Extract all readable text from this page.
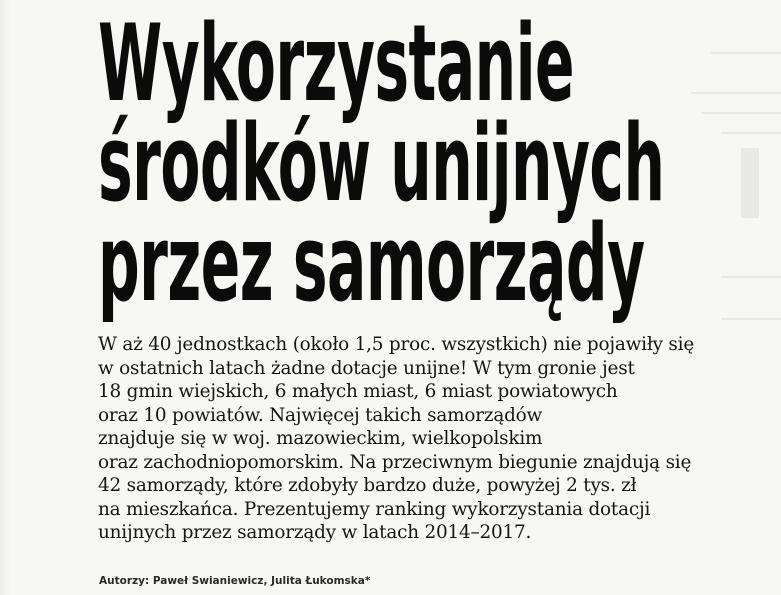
Wykorzystanie
środków unijnych
przez samorządy

W aż 40 jednostkach (około 1,5 proc. wszystkich) nie pojawiły się
w ostatnich latach żadne dotacje unijne! W tym gronie jest
18 gmin wiejskich, 6 małych miast, 6 miast powiatowych
oraz 10 powiatów. Najwięcej takich samorządów
znajduje się w woj. mazowieckim, wielkopolskim
oraz zachodniopomorskim. Na przeciwnym biegunie znajdują się
42 samorządy, które zdobyły bardzo duże, powyżej 2 tys. zł
na mieszkańca. Prezentujemy ranking wykorzystania dotacji
unijnych przez samorządy w latach 2014–2017.

Autorzy: Paweł Swianiewicz, Julita Łukomska*
